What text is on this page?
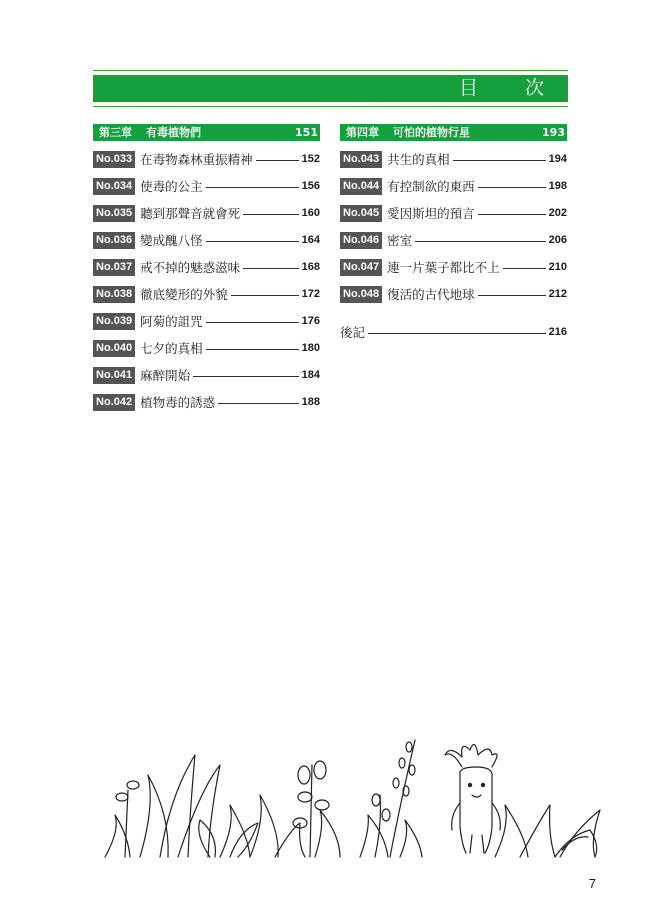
目　次
第三章 有毒植物們	151
No.033 在毒物森林重振精神	152
No.034 使毒的公主	156
No.035 聽到那聲音就會死	160
No.036 變成醜八怪	164
No.037 戒不掉的魅惑滋味	168
No.038 徹底變形的外貌	172
No.039 阿菊的詛咒	176
No.040 七夕的真相	180
No.041 麻醉開始	184
No.042 植物毒的誘惑	188
第四章 可怕的植物行星	193
No.043 共生的真相	194
No.044 有控制欲的東西	198
No.045 愛因斯坦的預言	202
No.046 密室	206
No.047 連一片葉子都比不上	210
No.048 復活的古代地球	212
後記	216
7
